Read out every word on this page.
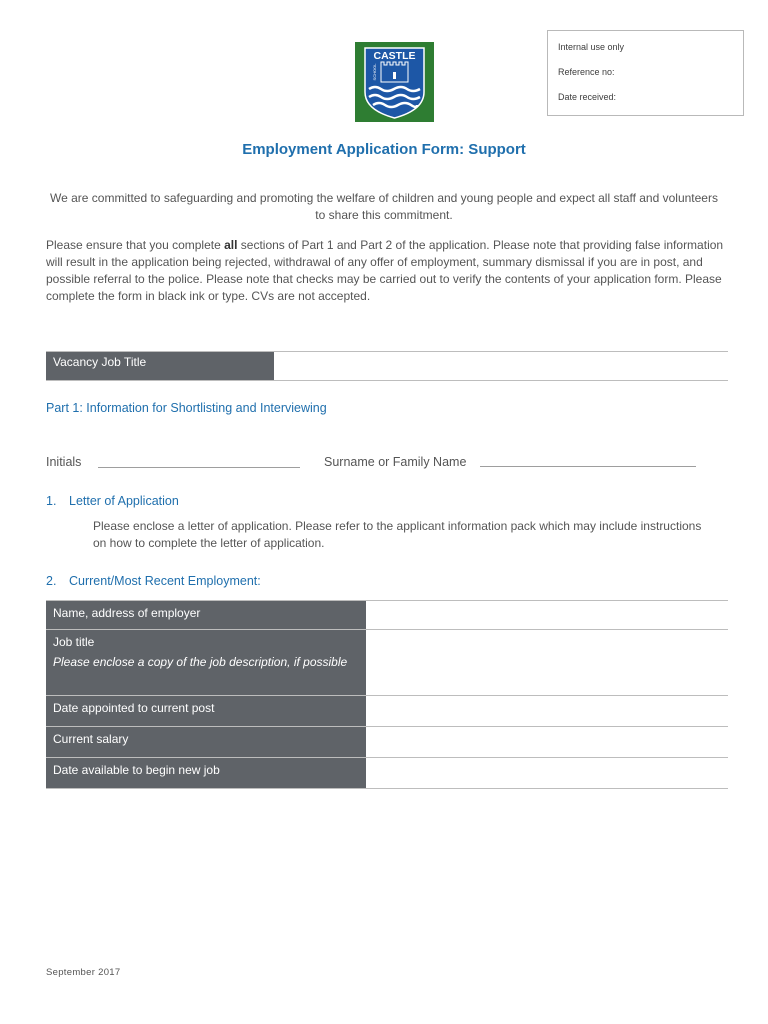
CASTLE
SCHOOL
Internal use only
Reference no:
Date received:
Employment Application Form: Support
We are committed to safeguarding and promoting the welfare of children and young people and expect all staff and volunteers to share this commitment.
Please ensure that you complete all sections of Part 1 and Part 2 of the application. Please note that providing false information will result in the application being rejected, withdrawal of any offer of employment, summary dismissal if you are in post, and possible referral to the police. Please note that checks may be carried out to verify the contents of your application form. Please complete the form in black ink or type. CVs are not accepted.
Vacancy Job Title
Part 1: Information for Shortlisting and Interviewing
Initials	Surname or Family Name
1. Letter of Application
Please enclose a letter of application. Please refer to the applicant information pack which may include instructions on how to complete the letter of application.
2. Current/Most Recent Employment:
Name, address of employer
Job title
Please enclose a copy of the job description, if possible
Date appointed to current post
Current salary
Date available to begin new job
September 2017
